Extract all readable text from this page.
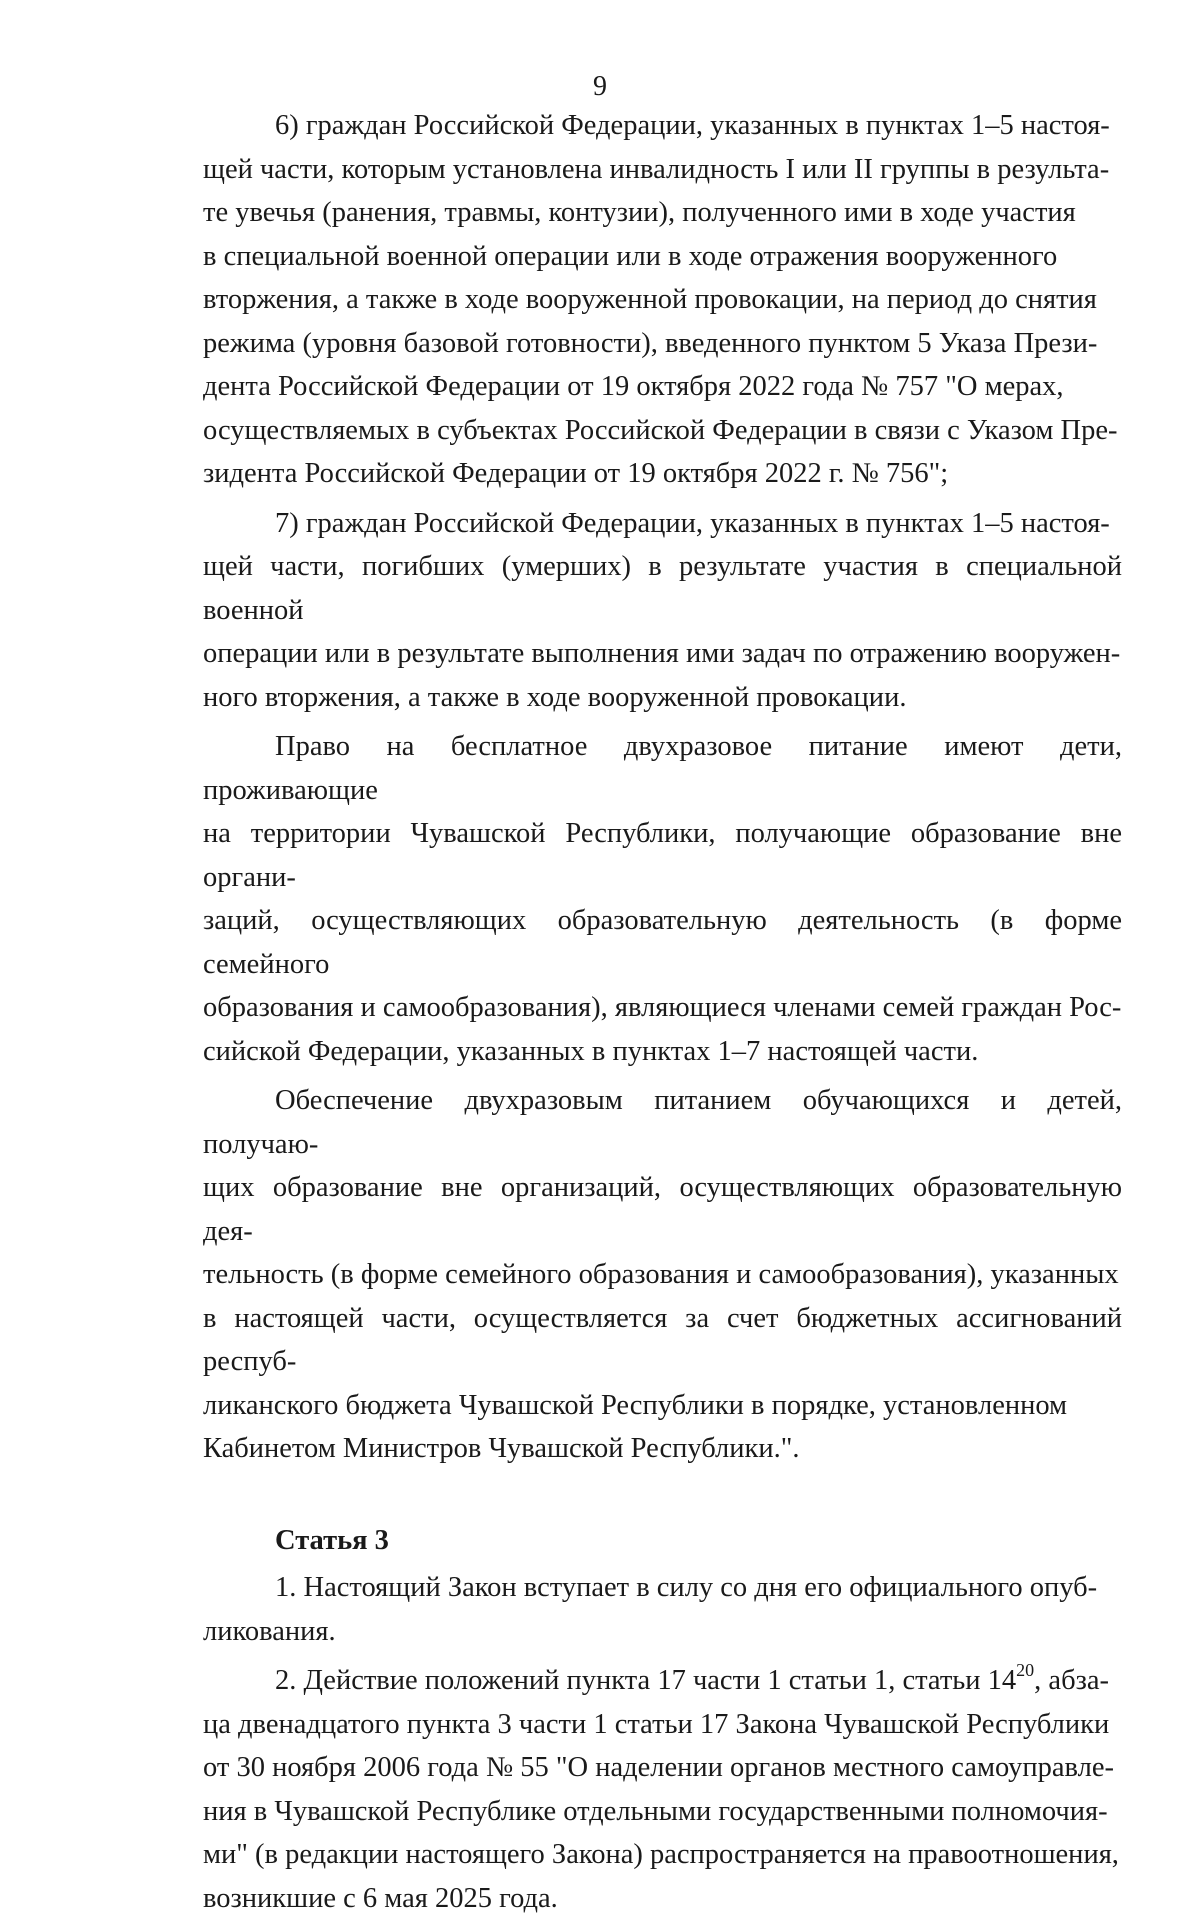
9

6) граждан Российской Федерации, указанных в пунктах 1–5 настоя-
щей части, которым установлена инвалидность I или II группы в результа-
те увечья (ранения, травмы, контузии), полученного ими в ходе участия
в специальной военной операции или в ходе отражения вооруженного
вторжения, а также в ходе вооруженной провокации, на период до снятия
режима (уровня базовой готовности), введенного пунктом 5 Указа Прези-
дента Российской Федерации от 19 октября 2022 года № 757 "О мерах,
осуществляемых в субъектах Российской Федерации в связи с Указом Пре-
зидента Российской Федерации от 19 октября 2022 г. № 756";

7) граждан Российской Федерации, указанных в пунктах 1–5 настоя-
щей части, погибших (умерших) в результате участия в специальной военной
операции или в результате выполнения ими задач по отражению вооружен-
ного вторжения, а также в ходе вооруженной провокации.

Право на бесплатное двухразовое питание имеют дети, проживающие
на территории Чувашской Республики, получающие образование вне органи-
заций, осуществляющих образовательную деятельность (в форме семейного
образования и самообразования), являющиеся членами семей граждан Рос-
сийской Федерации, указанных в пунктах 1–7 настоящей части.

Обеспечение двухразовым питанием обучающихся и детей, получаю-
щих образование вне организаций, осуществляющих образовательную дея-
тельность (в форме семейного образования и самообразования), указанных
в настоящей части, осуществляется за счет бюджетных ассигнований респуб-
ликанского бюджета Чувашской Республики в порядке, установленном
Кабинетом Министров Чувашской Республики.".

Статья 3

1. Настоящий Закон вступает в силу со дня его официального опуб-
ликования.

2. Действие положений пункта 17 части 1 статьи 1, статьи $14^{20}$, абза-
ца двенадцатого пункта 3 части 1 статьи 17 Закона Чувашской Республики
от 30 ноября 2006 года № 55 "О наделении органов местного самоуправле-
ния в Чувашской Республике отдельными государственными полномочия-
ми" (в редакции настоящего Закона) распространяется на правоотношения,
возникшие с 6 мая 2025 года.
